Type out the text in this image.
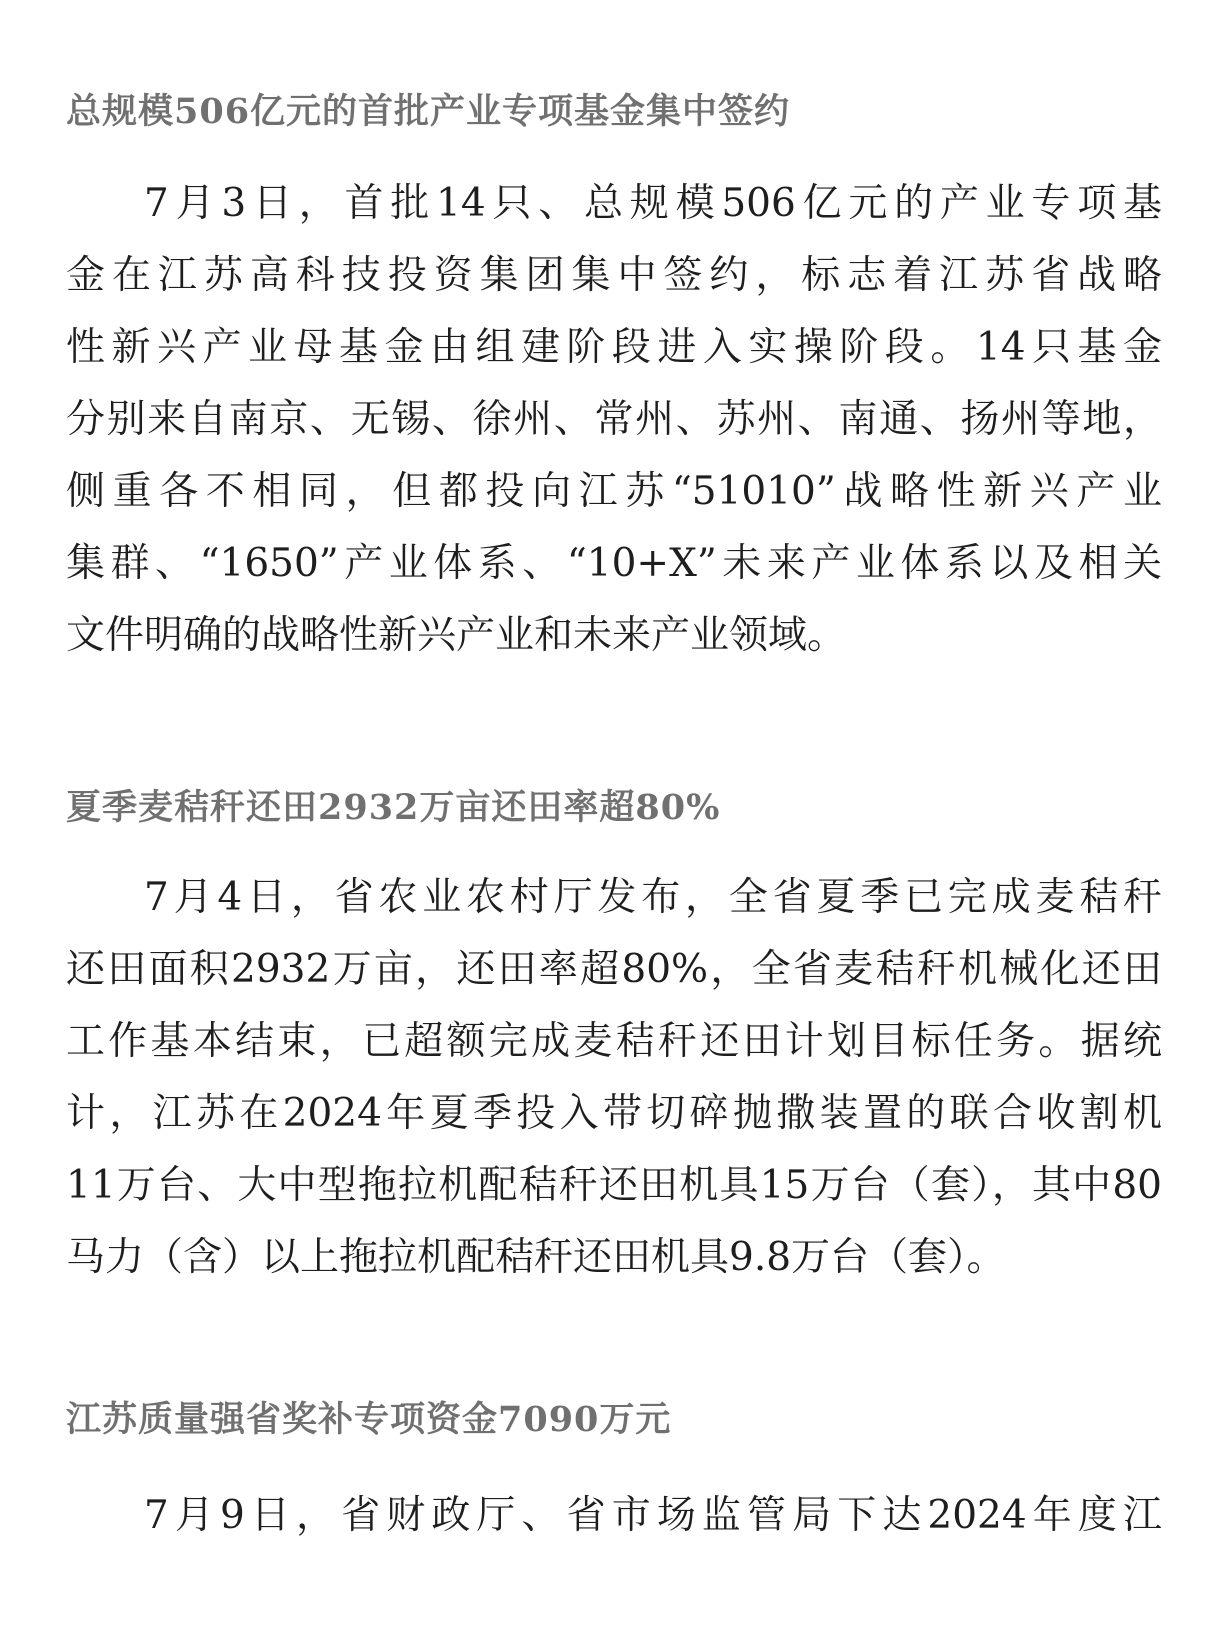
总规模506亿元的首批产业专项基金集中签约
7月3日，首批14只、总规模506亿元的产业专项基
金在江苏高科技投资集团集中签约，标志着江苏省战略
性新兴产业母基金由组建阶段进入实操阶段。14只基金
分别来自南京、无锡、徐州、常州、苏州、南通、扬州等地，
侧重各不相同，但都投向江苏“51010”战略性新兴产业
集群、“1650”产业体系、“10+X”未来产业体系以及相关
文件明确的战略性新兴产业和未来产业领域。
夏季麦秸秆还田2932万亩还田率超80%
7月4日，省农业农村厅发布，全省夏季已完成麦秸秆
还田面积2932万亩，还田率超80%，全省麦秸秆机械化还田
工作基本结束，已超额完成麦秸秆还田计划目标任务。据统
计，江苏在2024年夏季投入带切碎抛撒装置的联合收割机
11万台、大中型拖拉机配秸秆还田机具15万台（套），其中80
马力（含）以上拖拉机配秸秆还田机具9.8万台（套）。
江苏质量强省奖补专项资金7090万元
7月9日，省财政厅、省市场监管局下达2024年度江
